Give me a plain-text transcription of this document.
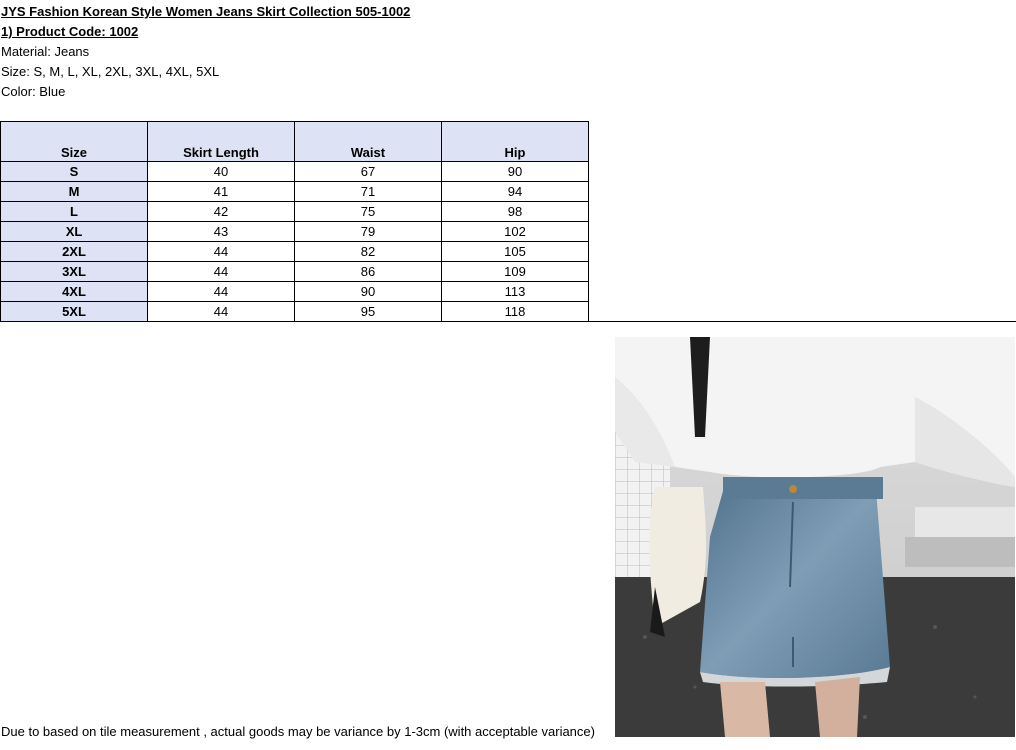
JYS Fashion Korean Style Women Jeans Skirt Collection 505-1002
1) Product Code: 1002
Material: Jeans
Size: S, M, L, XL, 2XL, 3XL, 4XL, 5XL
Color: Blue
Size	Skirt Length	Waist	Hip
S	40	67	90
M	41	71	94
L	42	75	98
XL	43	79	102
2XL	44	82	105
3XL	44	86	109
4XL	44	90	113
5XL	44	95	118
Due to based on tile measurement , actual goods may be variance by 1-3cm (with acceptable variance)
